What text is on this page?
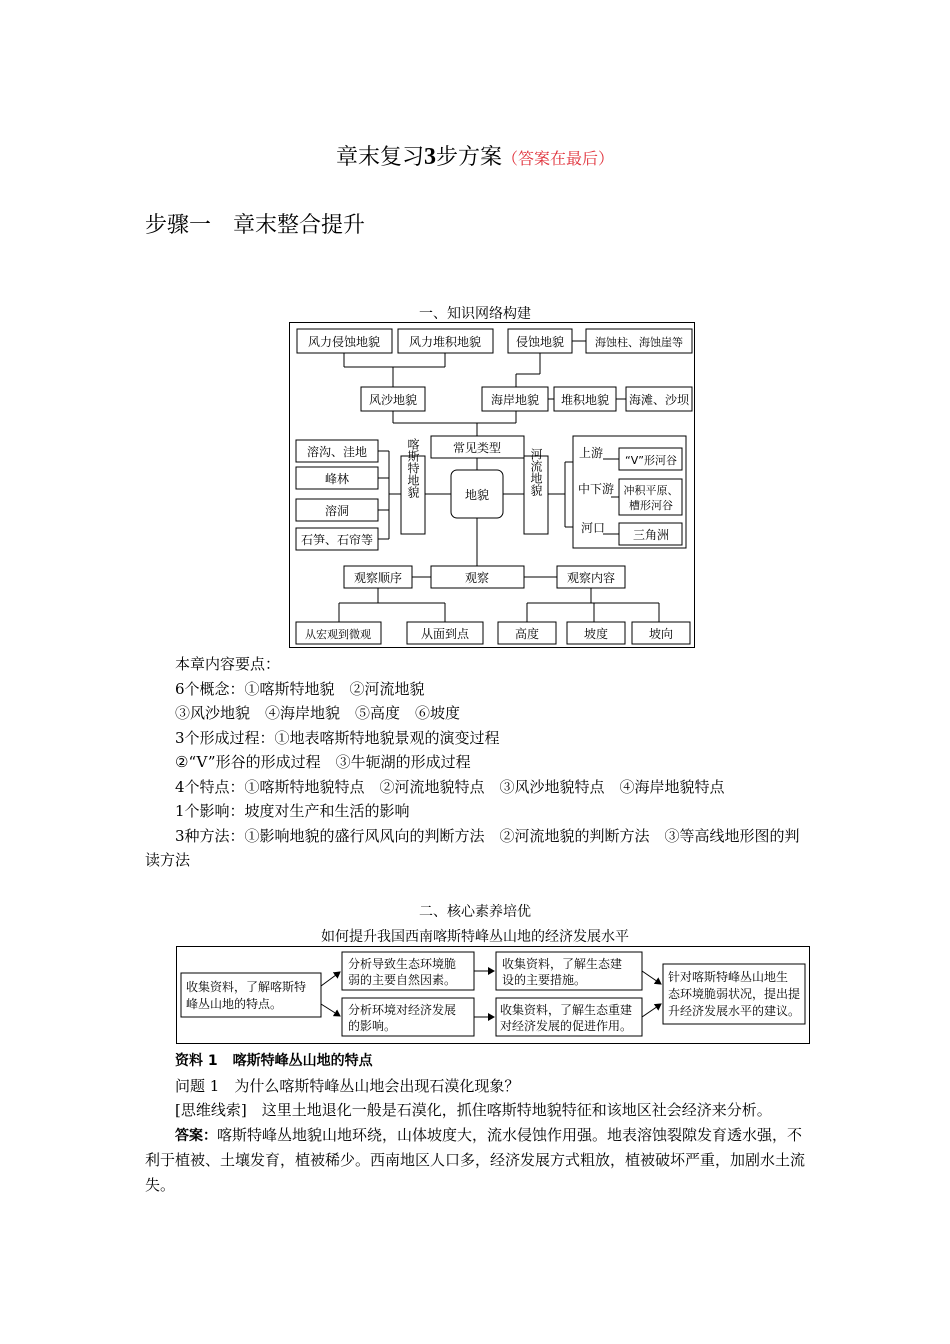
章末复习3步方案（答案在最后）
步骤一　章末整合提升
一、知识网络构建
风力侵蚀地貌 风力堆积地貌	侵蚀地貌	海蚀柱、海蚀崖等
风沙地貌	海岸地貌 堆积地貌 海滩、沙坝
常见类型
溶沟、洼地
峰林
溶洞
石笋、石帘等
喀斯特地貌	地貌	河流地貌	上游
中下游
河口
“V”形河谷
冲积平原、
槽形河谷
三角洲
观察顺序	观察	观察内容
从宏观到微观	从面到点	高度	坡度	坡向

本章内容要点：

6个概念：①喀斯特地貌　②河流地貌

③风沙地貌　④海岸地貌　⑤高度　⑥坡度

3个形成过程：①地表喀斯特地貌景观的演变过程

②“V”形谷的形成过程　③牛轭湖的形成过程

4个特点：①喀斯特地貌特点　②河流地貌特点　③风沙地貌特点　④海岸地貌特点

1个影响：坡度对生产和生活的影响

3种方法：①影响地貌的盛行风风向的判断方法　②河流地貌的判断方法　③等高线地形图的判读方法

二、核心素养培优
如何提升我国西南喀斯特峰丛山地的经济发展水平
收集资料，了解喀斯特
峰丛山地的特点。
分析导致生态环境脆
弱的主要自然因素。
收集资料，了解生态建
设的主要措施。
分析环境对经济发展
的影响。
收集资料，了解生态重建
对经济发展的促进作用。
针对喀斯特峰丛山地生
态环境脆弱状况，提出提
升经济发展水平的建议。

资料 1　 喀斯特峰丛山地的特点

问题 1　 为什么喀斯特峰丛山地会出现石漠化现象？

[思维线索]　 这里土地退化一般是石漠化，抓住喀斯特地貌特征和该地区社会经济来分析。

答案：喀斯特峰丛地貌山地环绕，山体坡度大，流水侵蚀作用强。地表溶蚀裂隙发育透水强，不利于植被、土壤发育，植被稀少。西南地区人口多，经济发展方式粗放，植被破坏严重，加剧水土流失。
